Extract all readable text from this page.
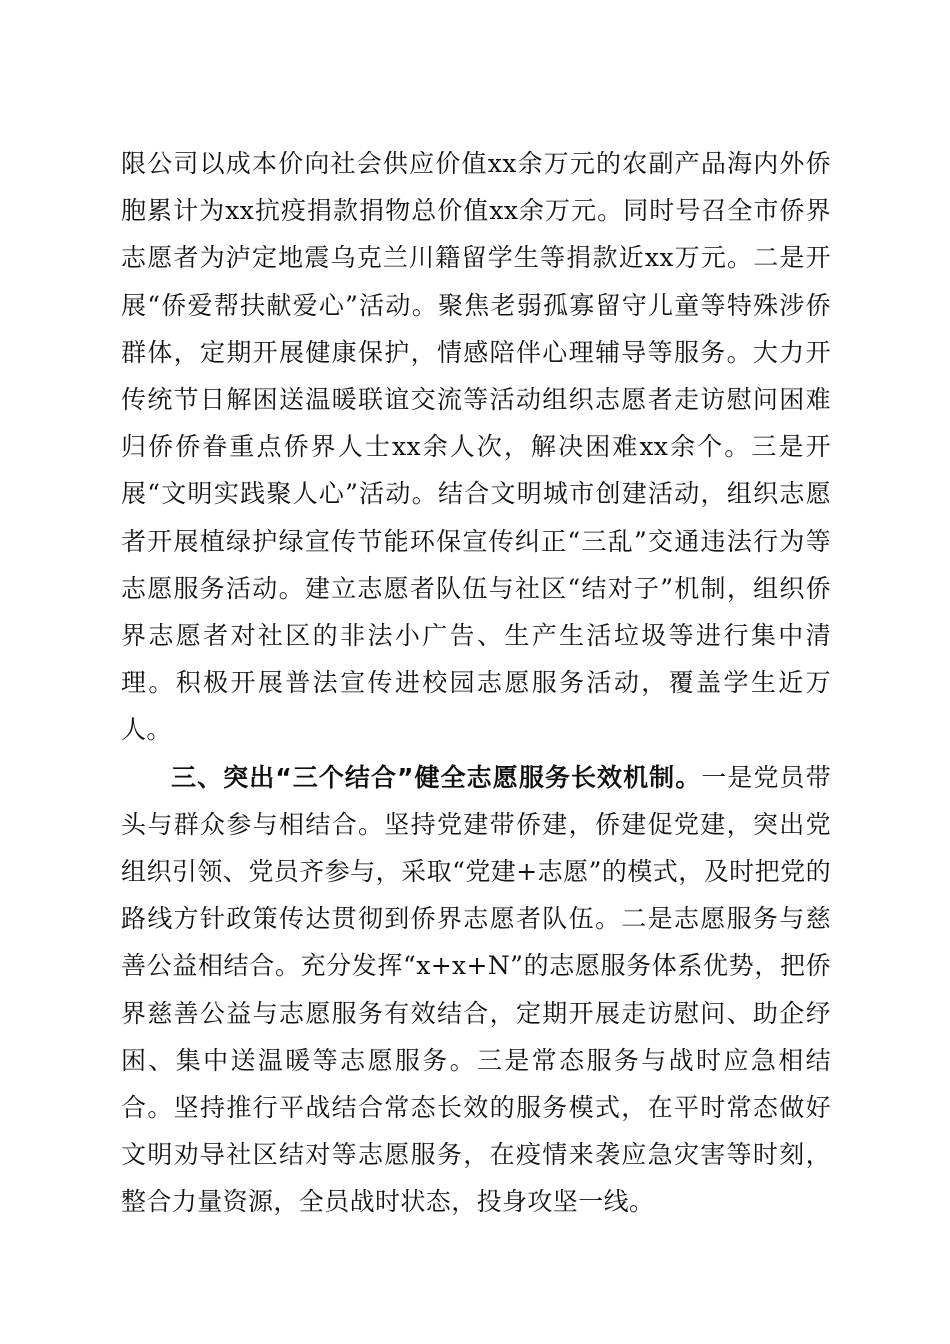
限公司以成本价向社会供应价值xx余万元的农副产品海内外侨胞累计为xx抗疫捐款捐物总价值xx余万元。同时号召全市侨界志愿者为泸定地震乌克兰川籍留学生等捐款近xx万元。二是开展“侨爱帮扶献爱心”活动。聚焦老弱孤寡留守儿童等特殊涉侨群体，定期开展健康保护，情感陪伴心理辅导等服务。大力开传统节日解困送温暖联谊交流等活动组织志愿者走访慰问困难归侨侨眷重点侨界人士xx余人次，解决困难xx余个。三是开展“文明实践聚人心”活动。结合文明城市创建活动，组织志愿者开展植绿护绿宣传节能环保宣传纠正“三乱”交通违法行为等志愿服务活动。建立志愿者队伍与社区“结对子”机制，组织侨界志愿者对社区的非法小广告、生产生活垃圾等进行集中清理。积极开展普法宣传进校园志愿服务活动，覆盖学生近万人。

三、突出“三个结合”健全志愿服务长效机制。一是党员带头与群众参与相结合。坚持党建带侨建，侨建促党建，突出党组织引领、党员齐参与，采取“党建+志愿”的模式，及时把党的路线方针政策传达贯彻到侨界志愿者队伍。二是志愿服务与慈善公益相结合。充分发挥“x+x+N”的志愿服务体系优势，把侨界慈善公益与志愿服务有效结合，定期开展走访慰问、助企纾困、集中送温暖等志愿服务。三是常态服务与战时应急相结合。坚持推行平战结合常态长效的服务模式，在平时常态做好文明劝导社区结对等志愿服务，在疫情来袭应急灾害等时刻，整合力量资源，全员战时状态，投身攻坚一线。
